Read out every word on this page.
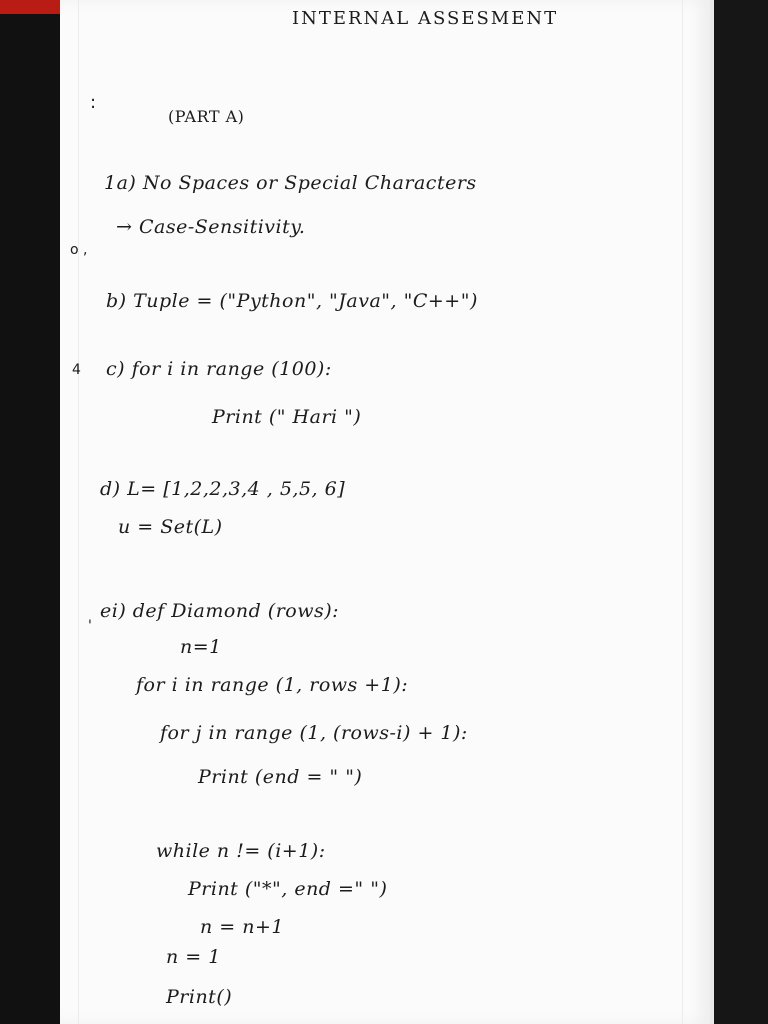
INTERNAL ASSESMENT
:
(PART A)
1a) No Spaces or Special Characters
→ Case-Sensitivity.
o ,
b) Tuple = ("Python", "Java", "C++")
4 c) for i in range (100):
Print (" Hari ")
d) L= [1,2,2,3,4 , 5,5, 6]
u = Set(L)
ei) def Diamond (rows):
'
n=1
for i in range (1, rows +1):
for j in range (1, (rows-i) + 1):
Print (end = " ")
while n != (i+1):
Print ("*", end =" ")
n = n+1
n = 1
Print()
